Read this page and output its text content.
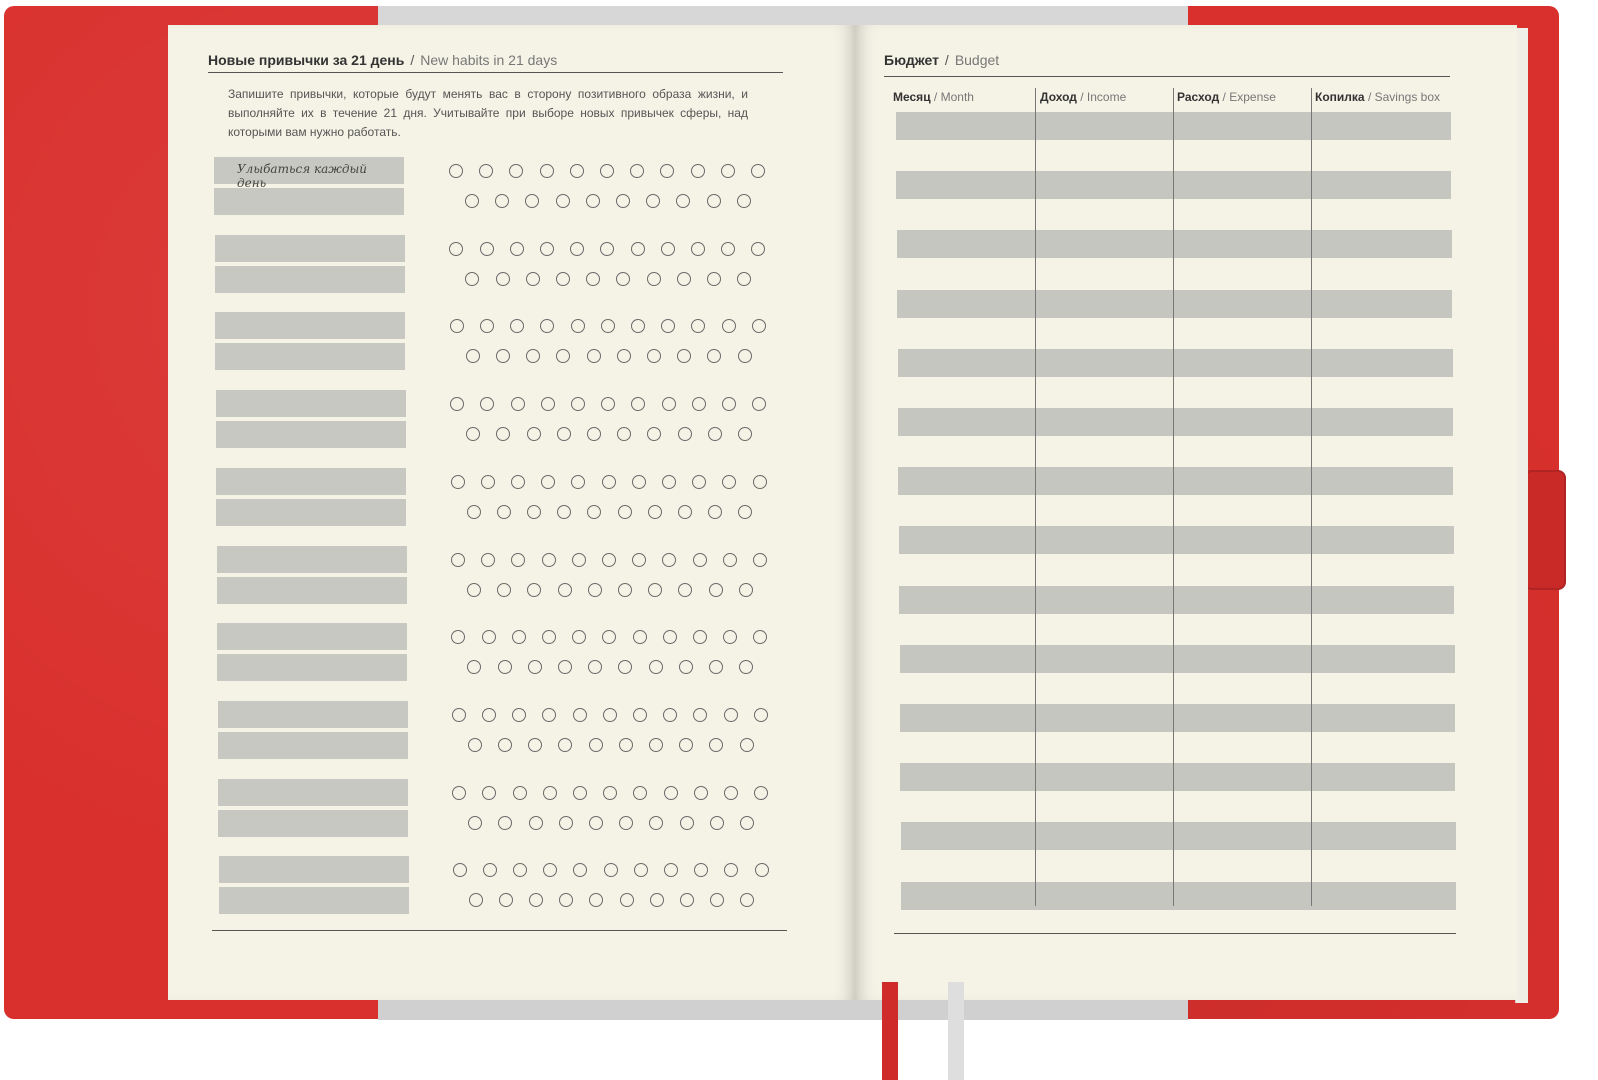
Новые привычки за 21 день / New habits in 21 days
Запишите привычки, которые будут менять вас в сторону позитивного образа жизни, и выполняйте их в течение 21 дня. Учитывайте при выборе новых привычек сферы, над которыми вам нужно работать.
Улыбаться каждый день
Бюджет / Budget
Месяц / Month	Доход / Income	Расход / Expense	Копилка / Savings box
